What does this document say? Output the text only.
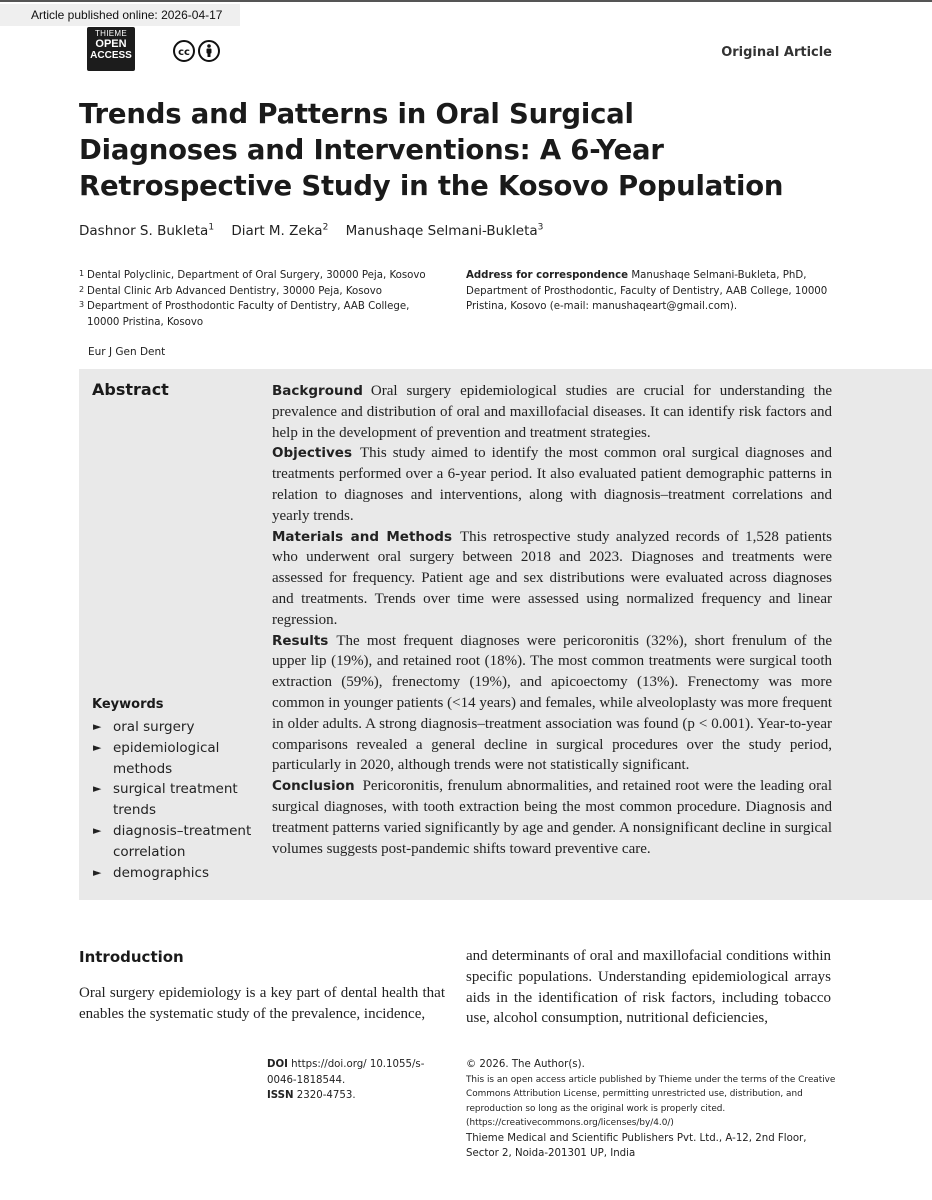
Article published online: 2026-04-17
THIEME
OPEN
ACCESS	cc	Original Article
Trends and Patterns in Oral Surgical Diagnoses and Interventions: A 6-Year Retrospective Study in the Kosovo Population
Dashnor S. Bukleta$^1$ Diart M. Zeka$^2$ Manushaqe Selmani-Bukleta$^3$
1 Dental Polyclinic, Department of Oral Surgery, 30000 Peja, Kosovo
2 Dental Clinic Arb Advanced Dentistry, 30000 Peja, Kosovo
3 Department of Prosthodontic Faculty of Dentistry, AAB College,
10000 Pristina, Kosovo
Address for correspondence Manushaqe Selmani-Bukleta, PhD, Department of Prosthodontic, Faculty of Dentistry, AAB College, 10000 Pristina, Kosovo (e-mail: manushaqeart@gmail.com).
Eur J Gen Dent
Abstract	Background Oral surgery epidemiological studies are crucial for understanding the prevalence and distribution of oral and maxillofacial diseases. It can identify risk factors and help in the development of prevention and treatment strategies.

Objectives This study aimed to identify the most common oral surgical diagnoses and treatments performed over a 6-year period. It also evaluated patient demographic patterns in relation to diagnoses and interventions, along with diagnosis–treatment correlations and yearly trends.

Materials and Methods This retrospective study analyzed records of 1,528 patients who underwent oral surgery between 2018 and 2023. Diagnoses and treatments were assessed for frequency. Patient age and sex distributions were evaluated across diagnoses and treatments. Trends over time were assessed using normalized frequency and linear regression.

Results The most frequent diagnoses were pericoronitis (32%), short frenulum of the upper lip (19%), and retained root (18%). The most common treatments were surgical tooth extraction (59%), frenectomy (19%), and apicoectomy (13%). Frenectomy was more common in younger patients (<14 years) and females, while alveoloplasty was more frequent in older adults. A strong diagnosis–treatment association was found (p < 0.001). Year-to-year comparisons revealed a general decline in surgical procedures over the study period, particularly in 2020, although trends were not statistically significant.

Conclusion Pericoronitis, frenulum abnormalities, and retained root were the leading oral surgical diagnoses, with tooth extraction being the most common procedure. Diagnosis and treatment patterns varied significantly by age and gender. A nonsignificant decline in surgical volumes suggests post-pandemic shifts toward preventive care.

Keywords
► oral surgery
► epidemiological methods
► surgical treatment trends
► diagnosis–treatment correlation
► demographics
Introduction
Oral surgery epidemiology is a key part of dental health that enables the systematic study of the prevalence, incidence,
and determinants of oral and maxillofacial conditions within specific populations. Understanding epidemiological arrays aids in the identification of risk factors, including tobacco use, alcohol consumption, nutritional deficiencies,
DOI https://doi.org/ 10.1055/s-0046-1818544.
ISSN 2320-4753.
© 2026. The Author(s).
This is an open access article published by Thieme under the terms of the Creative Commons Attribution License, permitting unrestricted use, distribution, and reproduction so long as the original work is properly cited. (https://creativecommons.org/licenses/by/4.0/)
Thieme Medical and Scientific Publishers Pvt. Ltd., A-12, 2nd Floor, Sector 2, Noida-201301 UP, India
